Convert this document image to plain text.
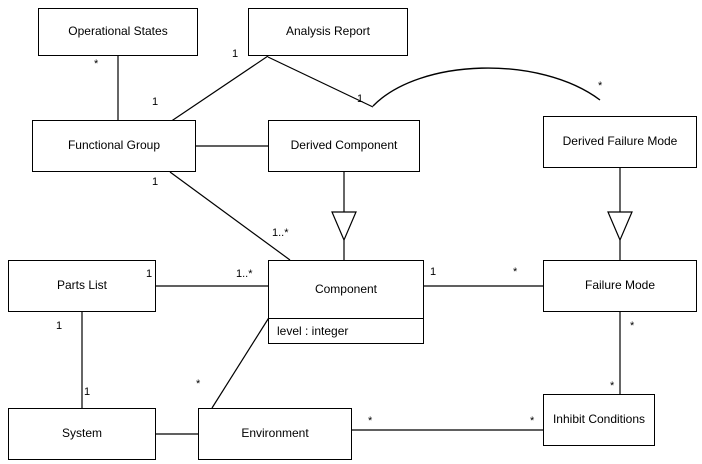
Operational States	Analysis Report
Functional Group	Derived Component	Derived Failure Mode
Parts List	Component
level : integer
Failure Mode
System	Environment
Inhibit Conditions
*
1
1
1
*
1
1..*
1	1..*	1	*
1
1
*
*
*
*	*
